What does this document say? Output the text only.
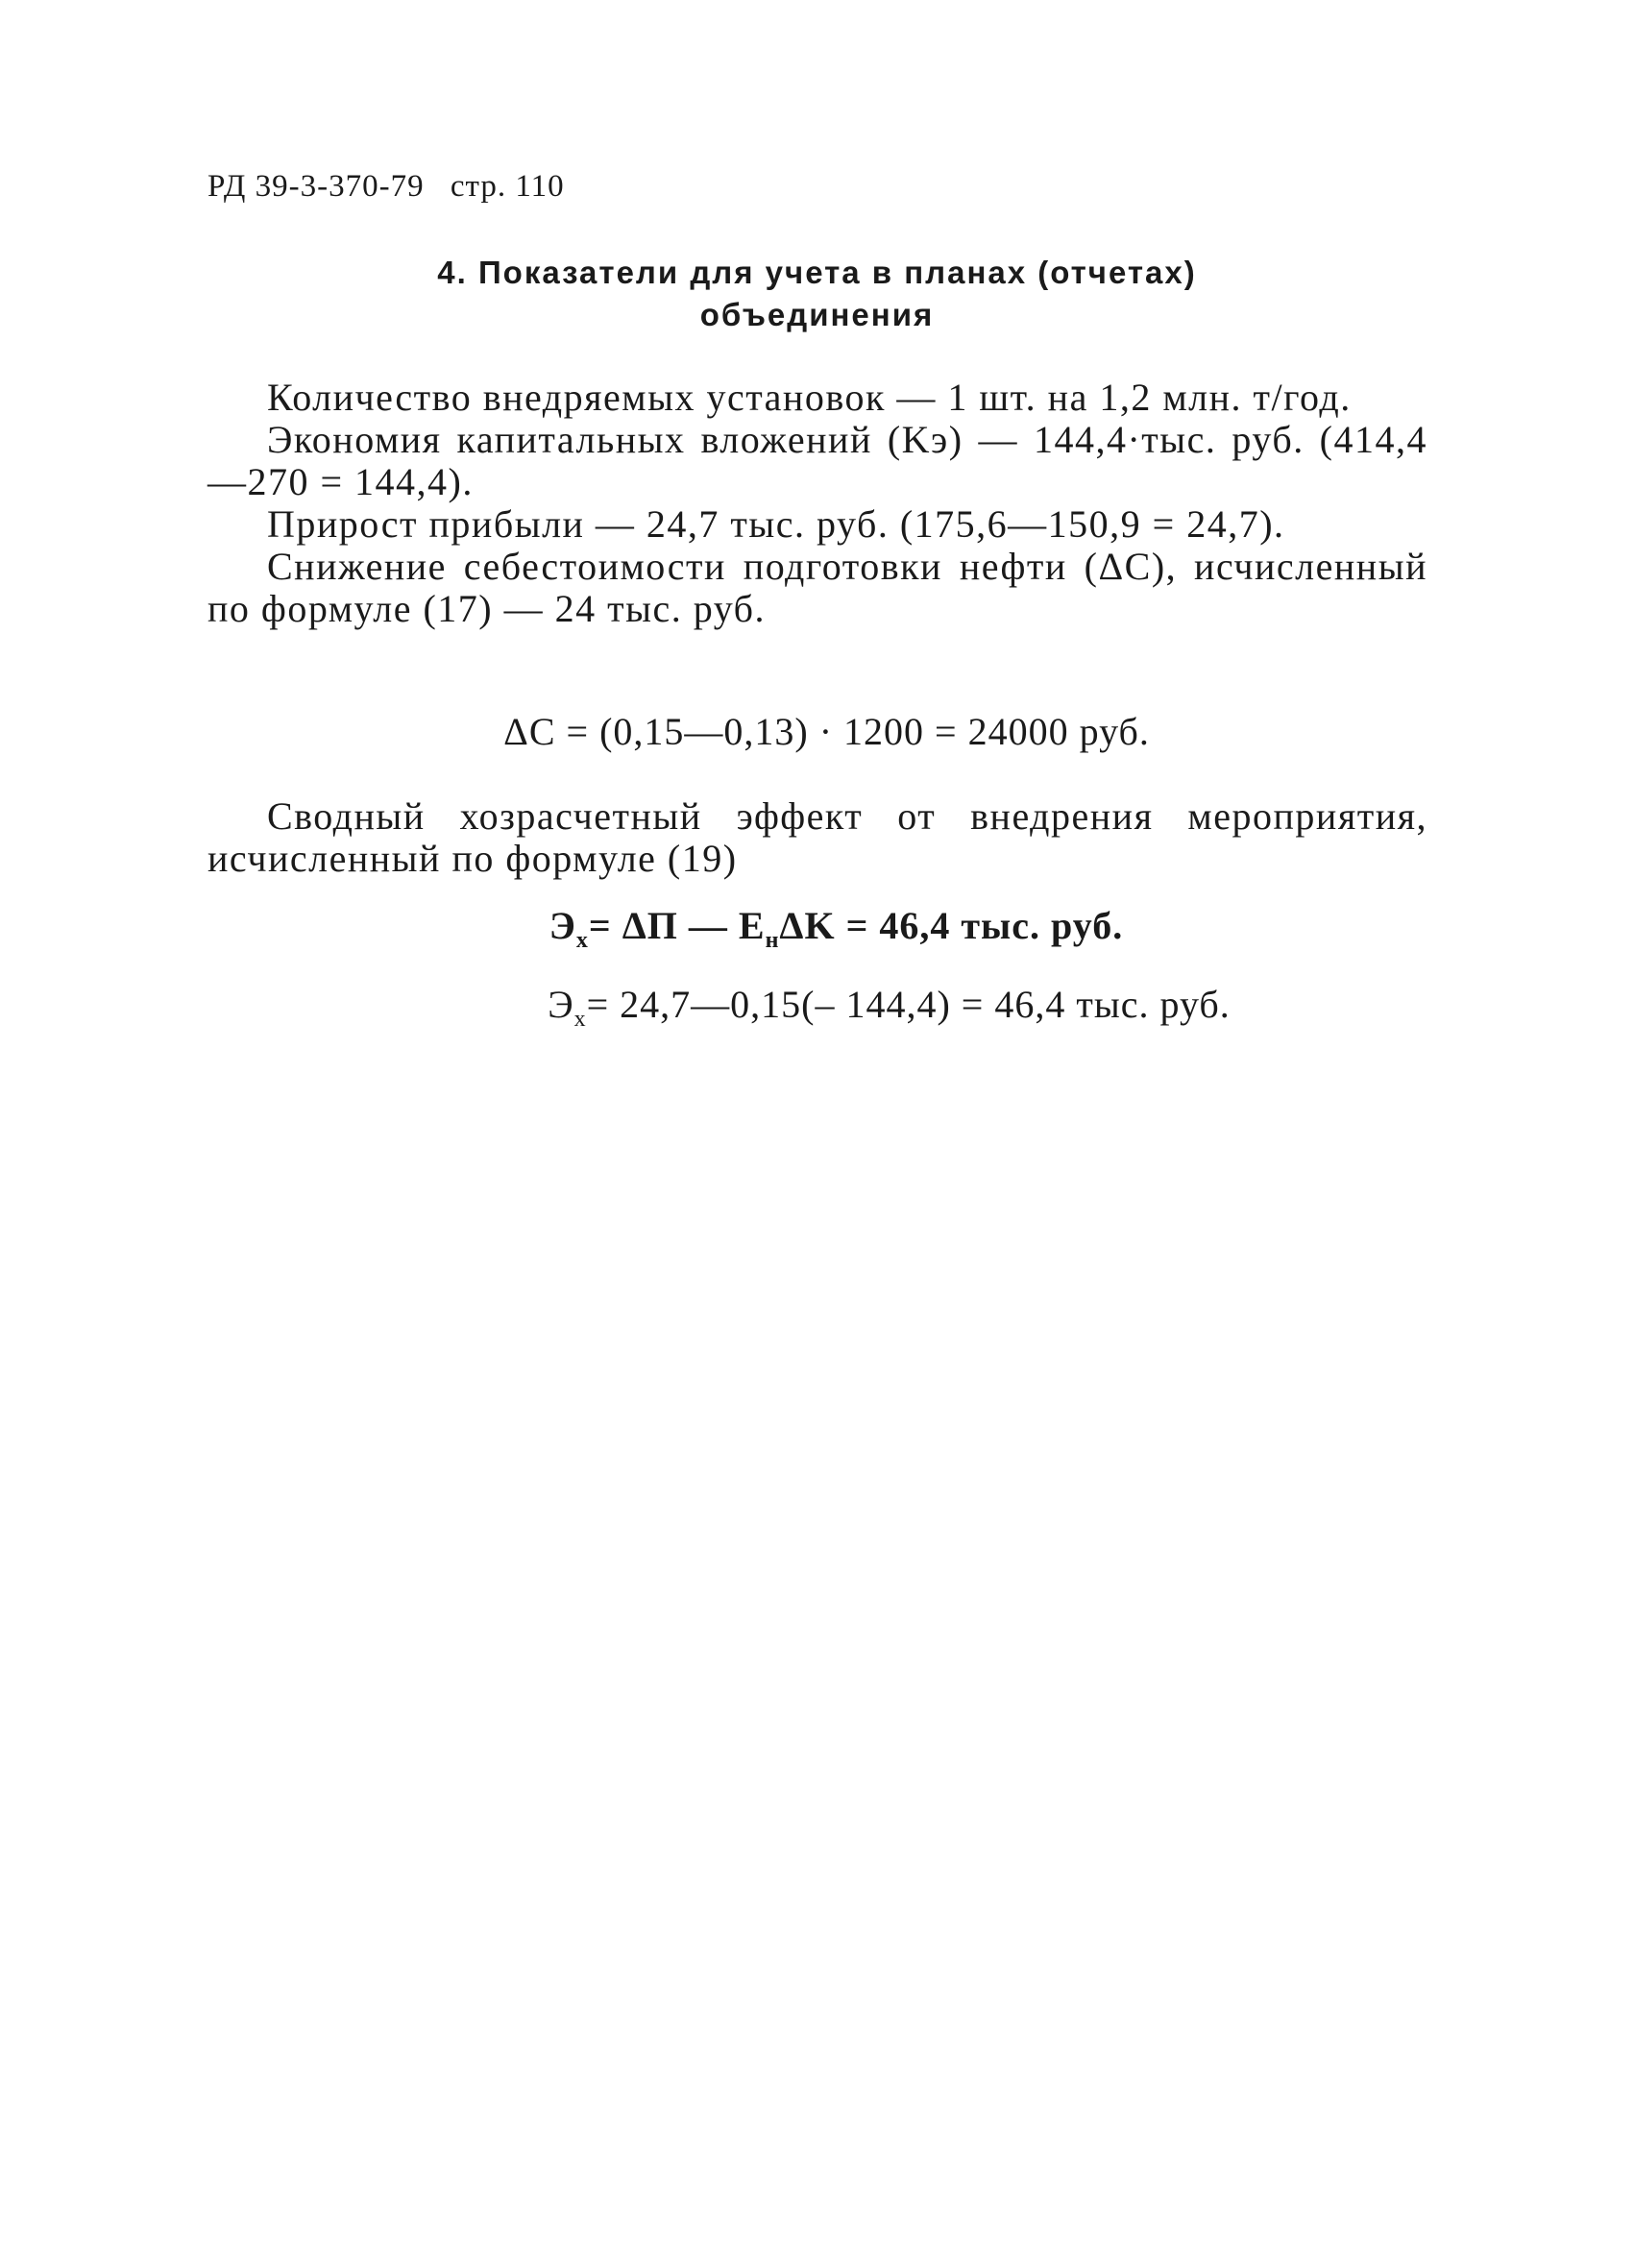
РД 39-3-370-79 стр. 110
4. Показатели для учета в планах (отчетах)
объединения

Количество внедряемых установок — 1 шт. на 1,2 млн. т/год.

Экономия капитальных вложений (Kэ) — 144,4·тыс. руб. (414,4—270 = 144,4).

Прирост прибыли — 24,7 тыс. руб. (175,6—150,9 = 24,7).

Снижение себестоимости подготовки нефти (ΔС), исчисленный по формуле (17) — 24 тыс. руб.

ΔС = (0,15—0,13) · 1200 = 24000 руб.

Сводный хозрасчетный эффект от внедрения мероприятия, исчисленный по формуле (19)

$Э_х= \Delta П$ — $E_н\Delta K = 46,4$ тыс. руб.
$Э_х=$ 24,7—0,15(– 144,4) = 46,4 тыс. руб.
